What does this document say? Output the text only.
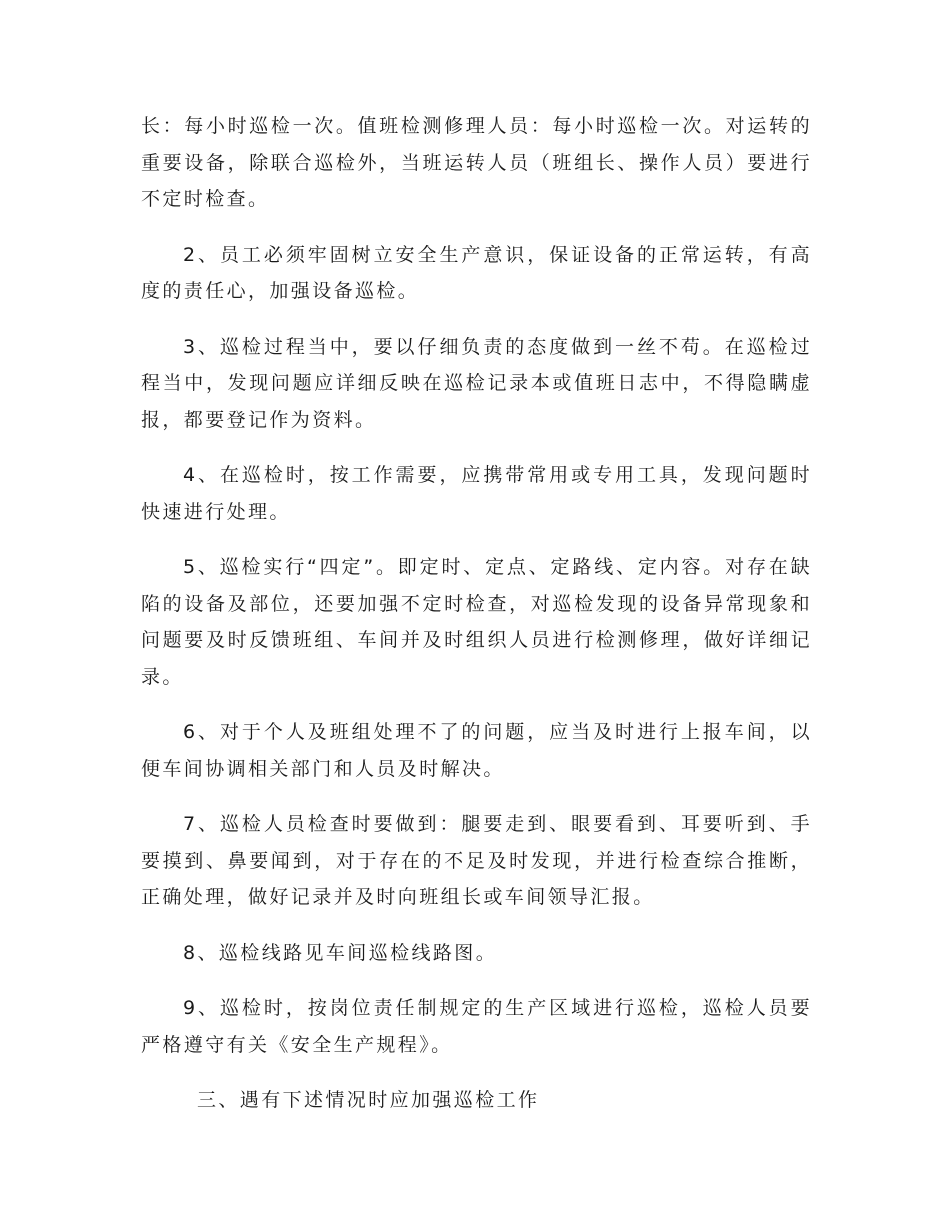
长：每小时巡检一次。值班检测修理人员：每小时巡检一次。对运转的重要设备，除联合巡检外，当班运转人员（班组长、操作人员）要进行不定时检查。

2、员工必须牢固树立安全生产意识，保证设备的正常运转，有高度的责任心，加强设备巡检。

3、巡检过程当中，要以仔细负责的态度做到一丝不苟。在巡检过程当中，发现问题应详细反映在巡检记录本或值班日志中，不得隐瞒虚报，都要登记作为资料。

4、在巡检时，按工作需要，应携带常用或专用工具，发现问题时快速进行处理。

5、巡检实行“四定”。即定时、定点、定路线、定内容。对存在缺陷的设备及部位，还要加强不定时检查，对巡检发现的设备异常现象和问题要及时反馈班组、车间并及时组织人员进行检测修理，做好详细记录。

6、对于个人及班组处理不了的问题，应当及时进行上报车间，以便车间协调相关部门和人员及时解决。

7、巡检人员检查时要做到：腿要走到、眼要看到、耳要听到、手要摸到、鼻要闻到，对于存在的不足及时发现，并进行检查综合推断，正确处理，做好记录并及时向班组长或车间领导汇报。

8、巡检线路见车间巡检线路图。

9、巡检时，按岗位责任制规定的生产区域进行巡检，巡检人员要严格遵守有关《安全生产规程》。

三、遇有下述情况时应加强巡检工作
